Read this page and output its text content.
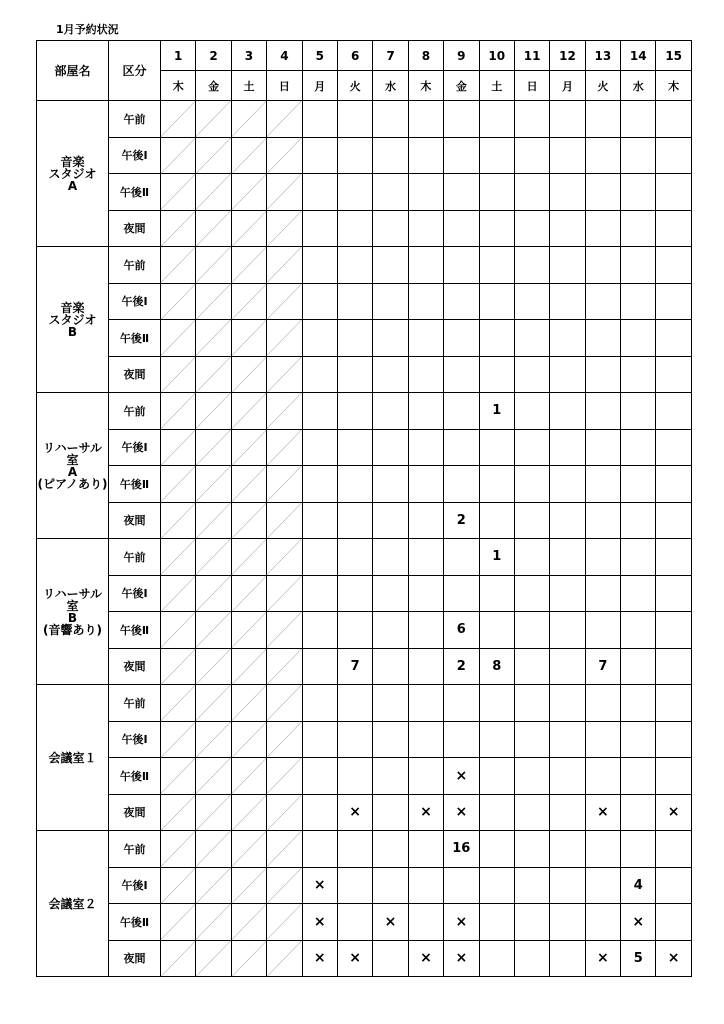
1月予約状況
部屋名	区分	1	2	3	4	5	6	7	8	9	10	11	12	13	14	15
		木	金	土	日	月	火	水	木	金	土	日	月	火	水	木

音楽
スタジオ
A	午前	

	午後Ⅰ	

	午後Ⅱ	

	夜間	

音楽
スタジオ
B	午前	

	午後Ⅰ	

	午後Ⅱ	

	夜間	

リハーサル室
A
(ピアノあり)	午前										1					
	午後Ⅰ	

	午後Ⅱ	

	夜間									2						

リハーサル室
B
(音響あり)	午前										1					
	午後Ⅰ	

	午後Ⅱ									6						
	夜間						7			2	8			7		

会議室１	午前	

	午後Ⅰ	

	午後Ⅱ									×						
	夜間						×		×	×				×		×

会議室２	午前									16						
	午後Ⅰ					×									4	
	午後Ⅱ					×		×		×					×	
	夜間					×	×		×	×				×	5	×
